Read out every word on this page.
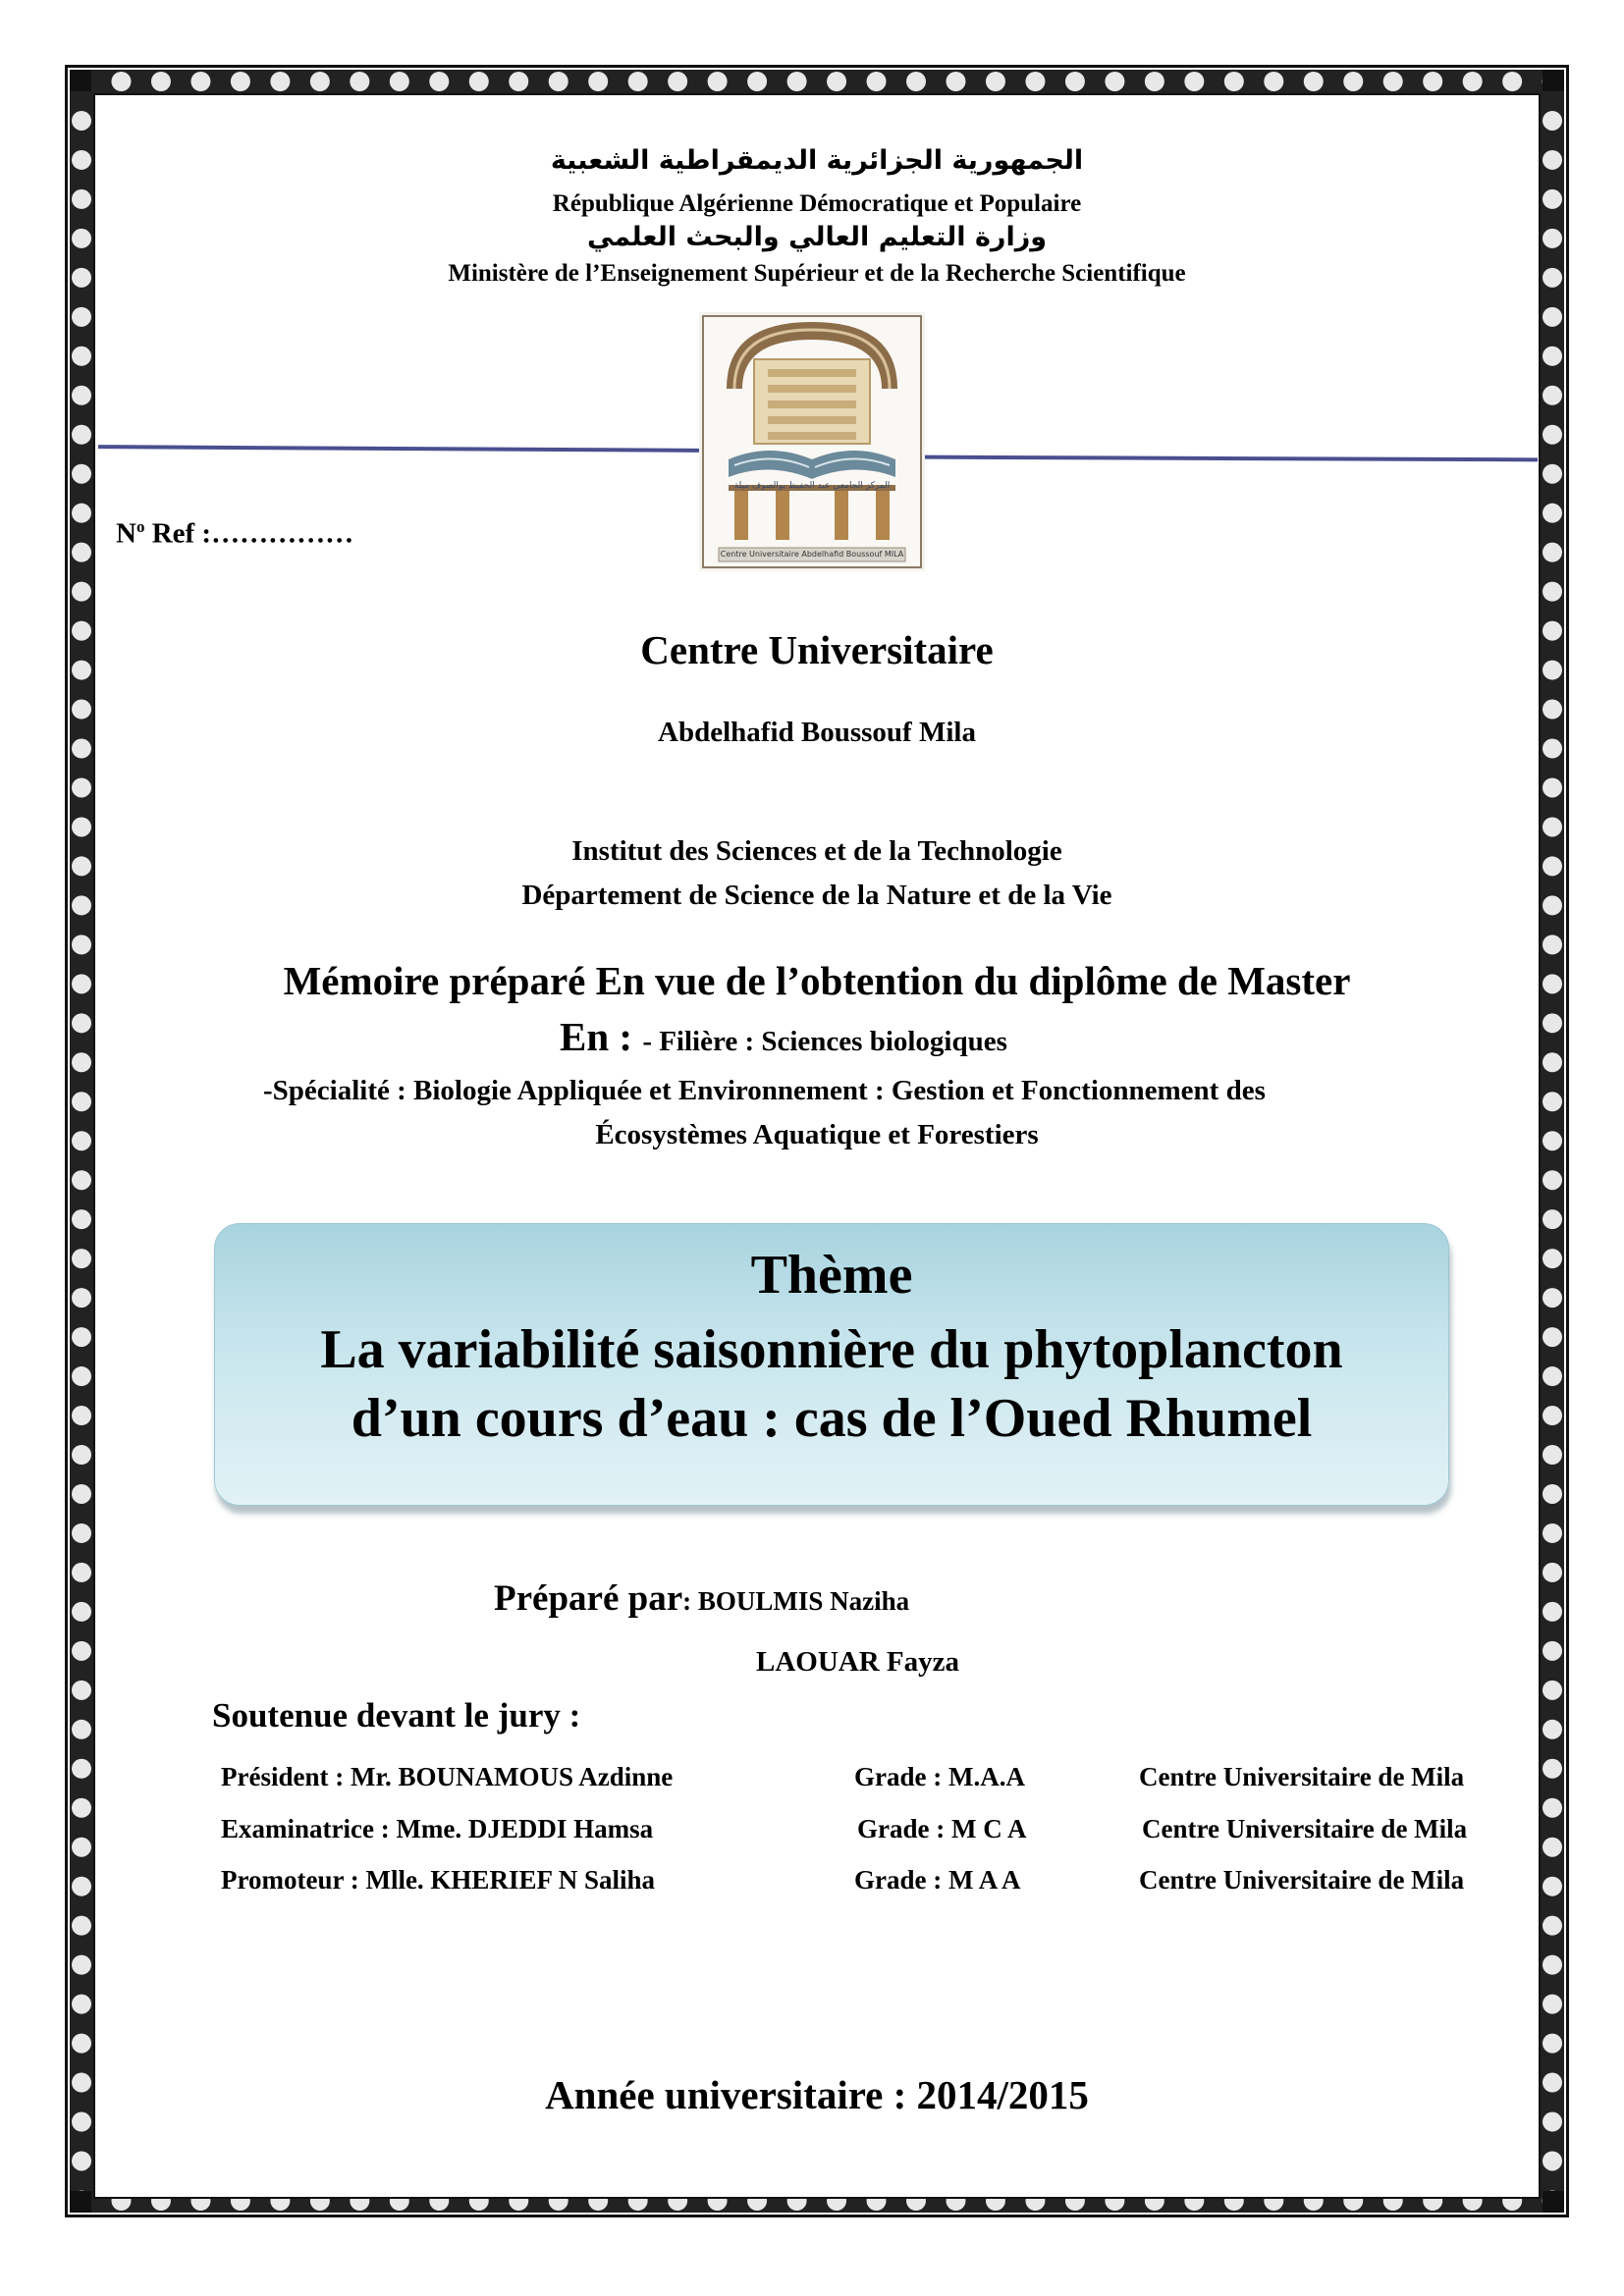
الجمهورية الجزائرية الديمقراطية الشعبية
République Algérienne Démocratique et Populaire
وزارة التعليم العالي والبحث العلمي
Ministère de l’Enseignement Supérieur et de la Recherche Scientifique
المركز الجامعي عبد الحفيظ بوالصوف ميلة
Centre Universitaire Abdelhafid Boussouf MILA
$N^o$ Ref :……………
Centre Universitaire
Abdelhafid Boussouf Mila
Institut des Sciences et de la Technologie
Département de Science de la Nature et de la Vie
Mémoire préparé En vue de l’obtention du diplôme de Master
En : - Filière : Sciences biologiques
-Spécialité : Biologie Appliquée et Environnement : Gestion et Fonctionnement des
Écosystèmes Aquatique et Forestiers
Thème
La variabilité saisonnière du phytoplancton
d’un cours d’eau : cas de l’Oued Rhumel
Préparé par: BOULMIS Naziha
LAOUAR Fayza
Soutenue devant le jury :
Président : Mr. BOUNAMOUS Azdinne	Grade : M.A.A	Centre Universitaire de Mila
Examinatrice : Mme. DJEDDI Hamsa	Grade : M C A	Centre Universitaire de Mila
Promoteur : Mlle. KHERIEF N Saliha	Grade : M A A	Centre Universitaire de Mila
Année universitaire : 2014/2015
